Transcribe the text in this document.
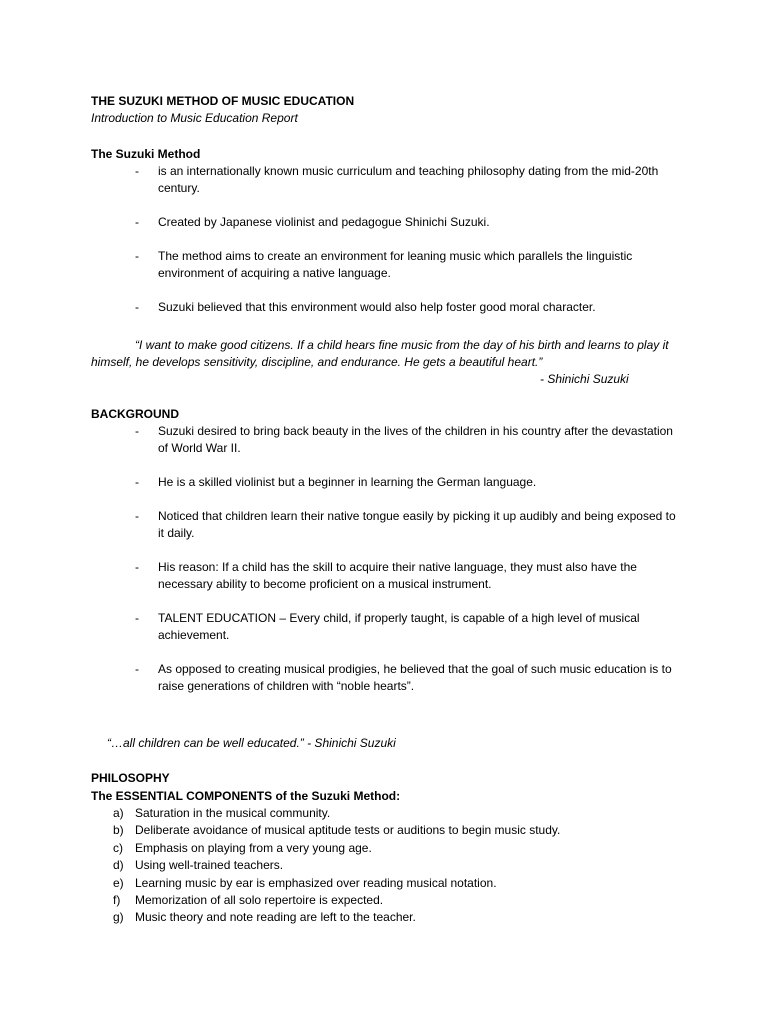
THE SUZUKI METHOD OF MUSIC EDUCATION

Introduction to Music Education Report

The Suzuki Method

- is an internationally known music curriculum and teaching philosophy dating from the mid-20th century.
- Created by Japanese violinist and pedagogue Shinichi Suzuki.
- The method aims to create an environment for leaning music which parallels the linguistic environment of acquiring a native language.
- Suzuki believed that this environment would also help foster good moral character.

“I want to make good citizens. If a child hears fine music from the day of his birth and learns to play it himself, he develops sensitivity, discipline, and endurance. He gets a beautiful heart.”

- Shinichi Suzuki

BACKGROUND

- Suzuki desired to bring back beauty in the lives of the children in his country after the devastation of World War II.
- He is a skilled violinist but a beginner in learning the German language.
- Noticed that children learn their native tongue easily by picking it up audibly and being exposed to it daily.
- His reason: If a child has the skill to acquire their native language, they must also have the necessary ability to become proficient on a musical instrument.
- TALENT EDUCATION – Every child, if properly taught, is capable of a high level of musical achievement.
- As opposed to creating musical prodigies, he believed that the goal of such music education is to raise generations of children with “noble hearts”.

“…all children can be well educated.” - Shinichi Suzuki

PHILOSOPHY

The ESSENTIAL COMPONENTS of the Suzuki Method:

a) Saturation in the musical community.
b) Deliberate avoidance of musical aptitude tests or auditions to begin music study.
c) Emphasis on playing from a very young age.
d) Using well-trained teachers.
e) Learning music by ear is emphasized over reading musical notation.
f) Memorization of all solo repertoire is expected.
g) Music theory and note reading are left to the teacher.
